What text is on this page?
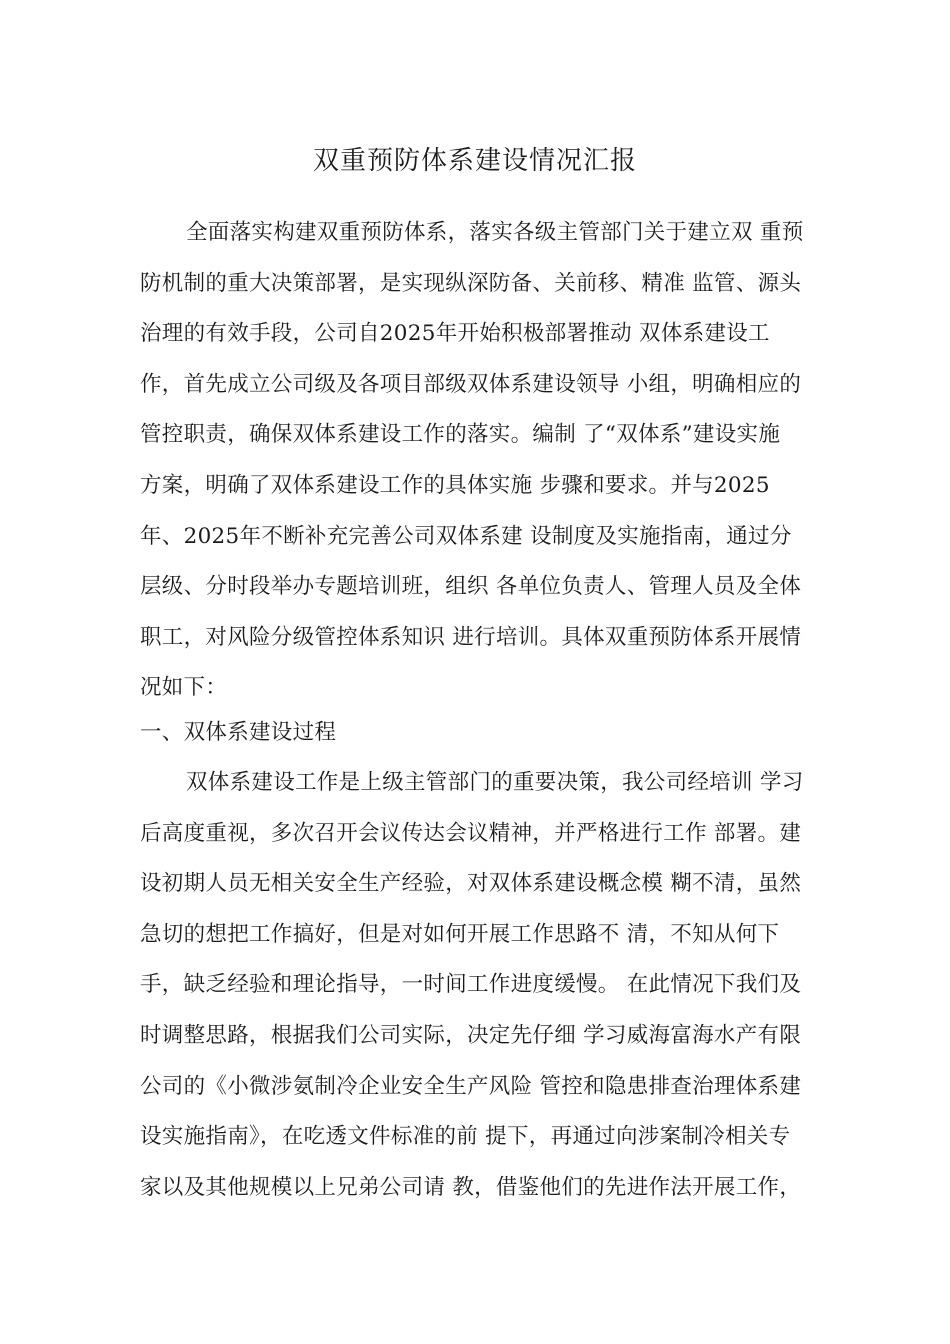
双重预防体系建设情况汇报
全面落实构建双重预防体系，落实各级主管部门关于建立双 重预
防机制的重大决策部署，是实现纵深防备、关前移、精准 监管、源头
治理的有效手段，公司自2025年开始积极部署推动 双体系建设工
作，首先成立公司级及各项目部级双体系建设领导 小组，明确相应的
管控职责，确保双体系建设工作的落实。编制 了“双体系”建设实施
方案，明确了双体系建设工作的具体实施 步骤和要求。并与2025
年、2025年不断补充完善公司双体系建 设制度及实施指南，通过分
层级、分时段举办专题培训班，组织 各单位负责人、管理人员及全体
职工，对风险分级管控体系知识 进行培训。具体双重预防体系开展情
况如下：
一、双体系建设过程
双体系建设工作是上级主管部门的重要决策，我公司经培训 学习
后高度重视，多次召开会议传达会议精神，并严格进行工作 部署。建
设初期人员无相关安全生产经验，对双体系建设概念模 糊不清，虽然
急切的想把工作搞好，但是对如何开展工作思路不 清，不知从何下
手，缺乏经验和理论指导，一时间工作进度缓慢。 在此情况下我们及
时调整思路，根据我们公司实际，决定先仔细 学习威海富海水产有限
公司的《小微涉氨制冷企业安全生产风险 管控和隐患排查治理体系建
设实施指南》，在吃透文件标准的前 提下，再通过向涉案制冷相关专
家以及其他规模以上兄弟公司请 教，借鉴他们的先进作法开展工作，
